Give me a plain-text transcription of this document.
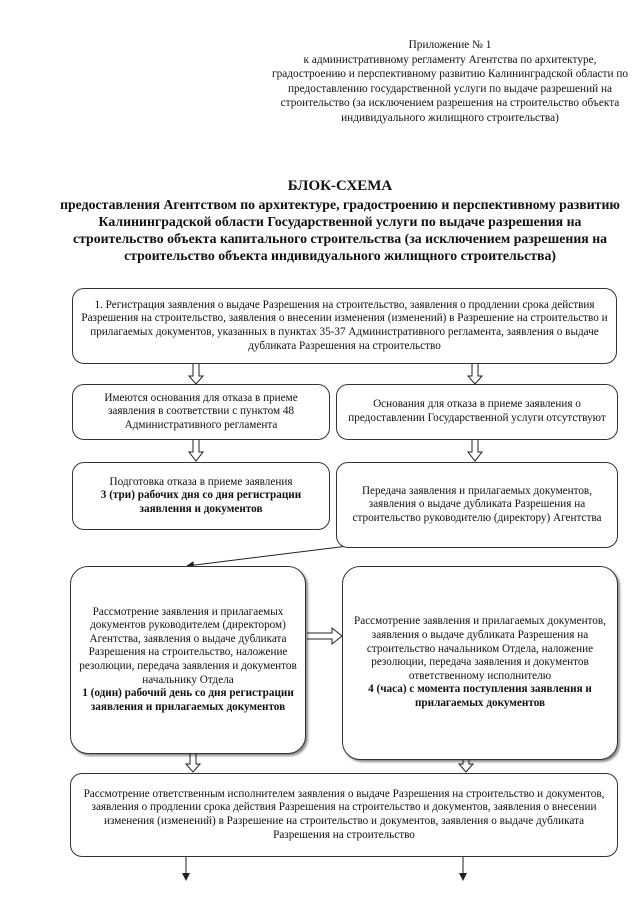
Приложение № 1
к административному регламенту Агентства по архитектуре, градостроению и перспективному развитию Калининградской области по предоставлению государственной услуги по выдаче разрешений на строительство (за исключением разрешения на строительство объекта индивидуального жилищного строительства)
БЛОК-СХЕМА
предоставления Агентством по архитектуре, градостроению и перспективному развитию Калининградской области Государственной услуги по выдаче разрешения на строительство объекта капитального строительства (за исключением разрешения на строительство объекта индивидуального жилищного строительства)
1. Регистрация заявления о выдаче Разрешения на строительство, заявления о продлении срока действия Разрешения на строительство, заявления о внесении изменения (изменений) в Разрешение на строительство и прилагаемых документов, указанных в пунктах 35-37 Административного регламента, заявления о выдаче дубликата Разрешения на строительство
Имеются основания для отказа в приеме заявления в соответствии с пунктом 48 Административного регламента
Основания для отказа в приеме заявления о предоставлении Государственной услуги отсутствуют
Подготовка отказа в приеме заявления
3 (три) рабочих дня со дня регистрации заявления и документов
Передача заявления и прилагаемых документов, заявления о выдаче дубликата Разрешения на строительство руководителю (директору) Агентства
Рассмотрение заявления и прилагаемых документов руководителем (директором) Агентства, заявления о выдаче дубликата Разрешения на строительство, наложение резолюции, передача заявления и документов начальнику Отдела
1 (один) рабочий день со дня регистрации заявления и прилагаемых документов
Рассмотрение заявления и прилагаемых документов, заявления о выдаче дубликата Разрешения на строительство начальником Отдела, наложение резолюции, передача заявления и документов ответственному исполнителю
4 (часа) с момента поступления заявления и прилагаемых документов
Рассмотрение ответственным исполнителем заявления о выдаче Разрешения на строительство и документов, заявления о продлении срока действия Разрешения на строительство и документов, заявления о внесении изменения (изменений) в Разрешение на строительство и документов, заявления о выдаче дубликата Разрешения на строительство
